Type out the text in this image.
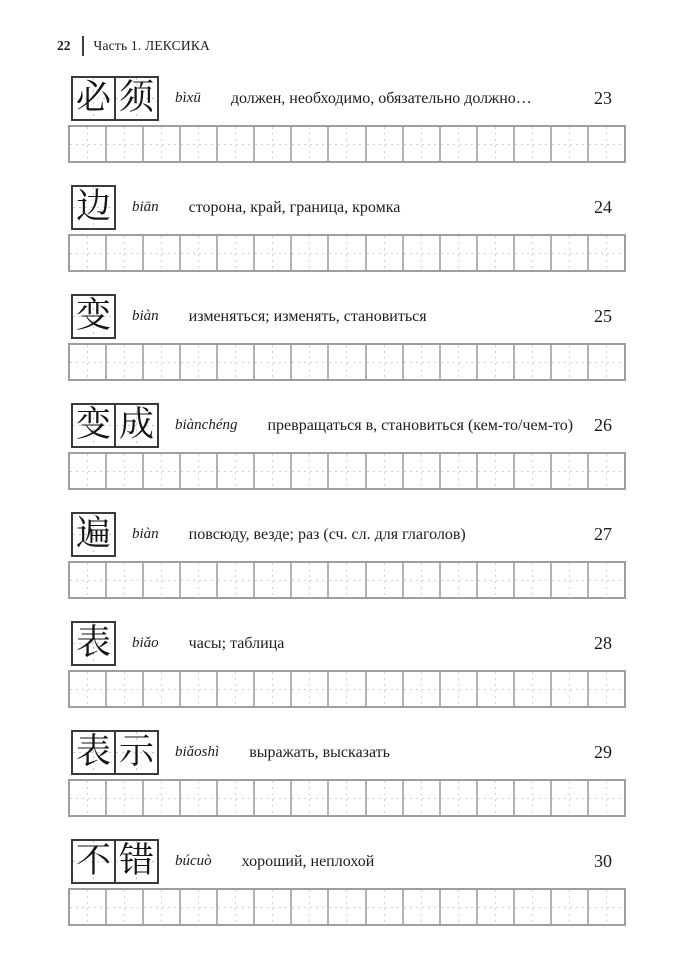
22 Часть 1. ЛЕКСИКА
必 须 bìxū должен, необходимо, обязательно должно…	23
边 biān сторона, край, граница, кромка	24
变 biàn изменяться; изменять, становиться	25
变 成 biànchéng превращаться в, становиться (кем-то/чем-то) 26
遍 biàn повсюду, везде; раз (сч. сл. для глаголов)	27
表 biǎo часы; таблица	28
表 示 biǎoshì выражать, высказать	29
不 错 búcuò хороший, неплохой	30
